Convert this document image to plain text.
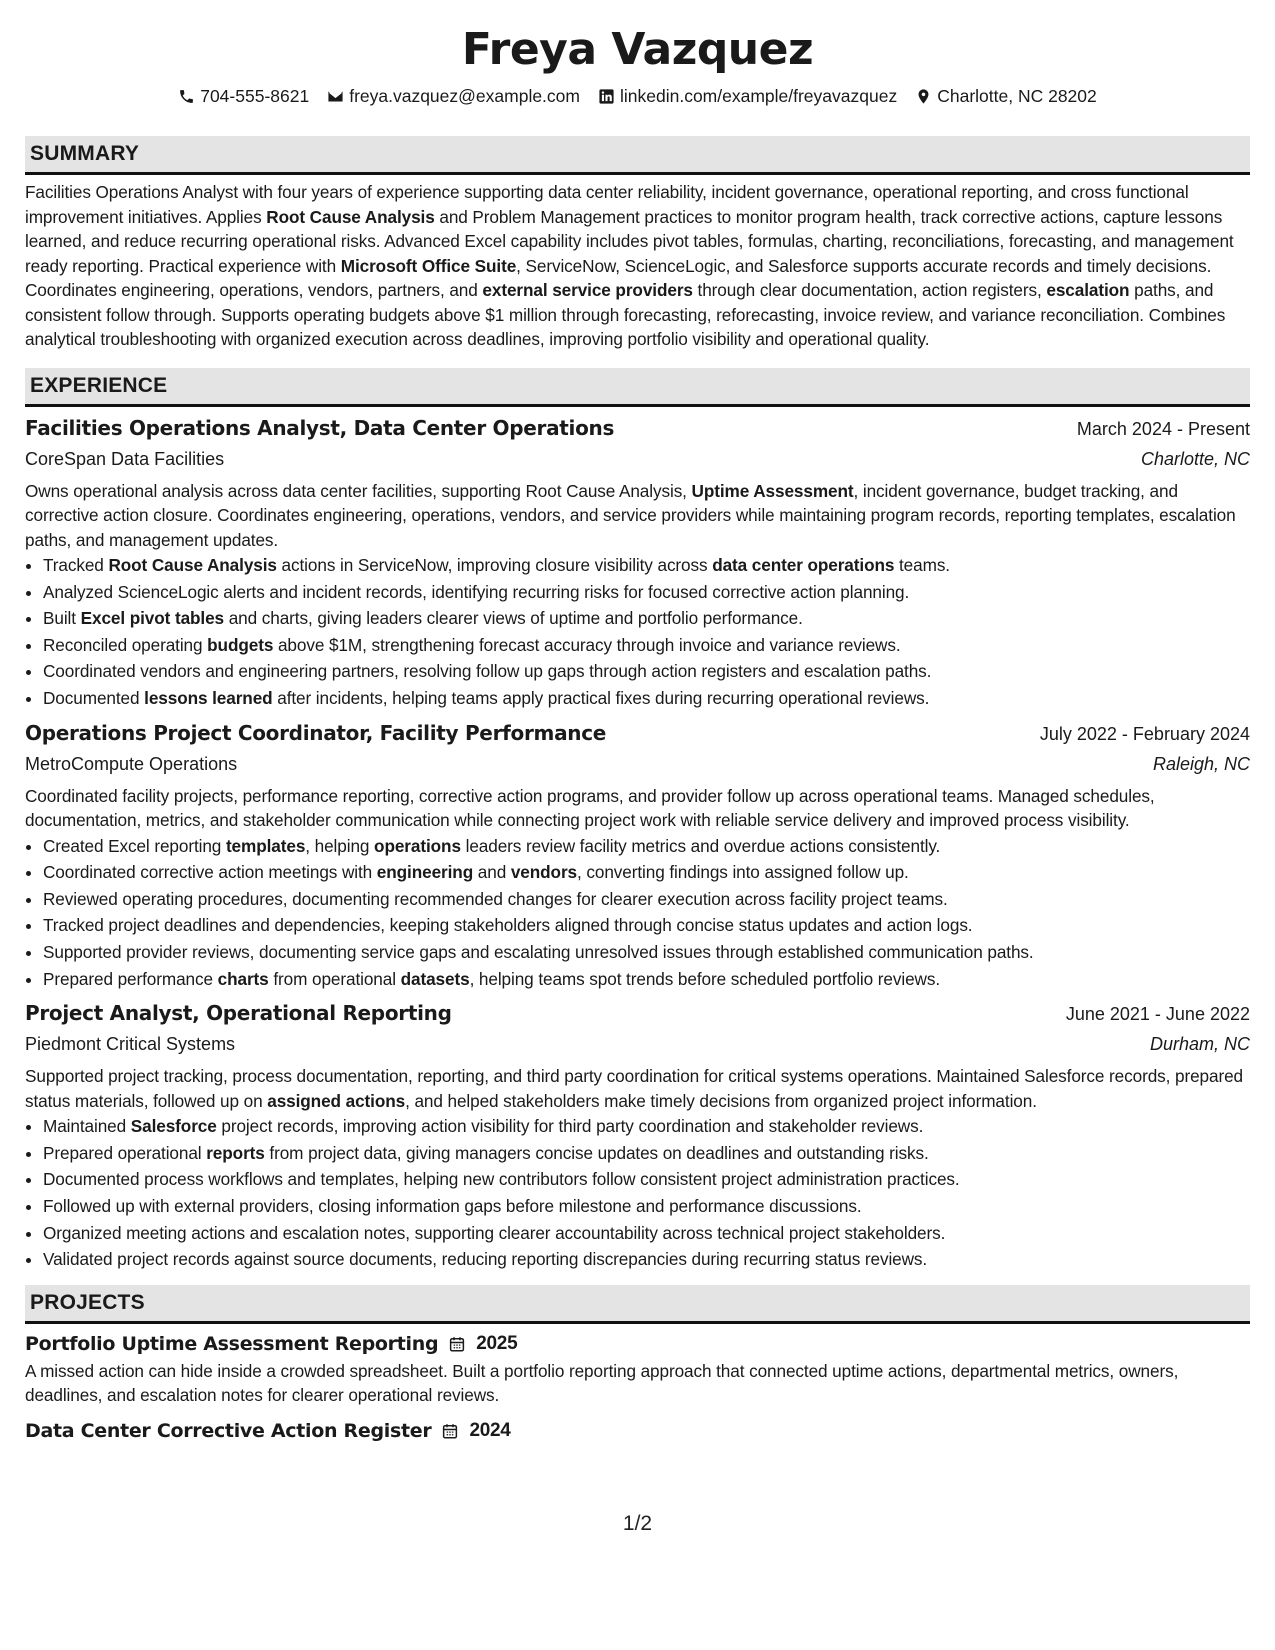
Freya Vazquez
704-555-8621 freya.vazquez@example.com linkedin.com/example/freyavazquez Charlotte, NC 28202
SUMMARY

Facilities Operations Analyst with four years of experience supporting data center reliability, incident governance, operational reporting, and cross functional improvement initiatives. Applies Root Cause Analysis and Problem Management practices to monitor program health, track corrective actions, capture lessons learned, and reduce recurring operational risks. Advanced Excel capability includes pivot tables, formulas, charting, reconciliations, forecasting, and management ready reporting. Practical experience with Microsoft Office Suite, ServiceNow, ScienceLogic, and Salesforce supports accurate records and timely decisions. Coordinates engineering, operations, vendors, partners, and external service providers through clear documentation, action registers, escalation paths, and consistent follow through. Supports operating budgets above $1 million through forecasting, reforecasting, invoice review, and variance reconciliation. Combines analytical troubleshooting with organized execution across deadlines, improving portfolio visibility and operational quality.

EXPERIENCE
Facilities Operations Analyst, Data Center Operations	March 2024 - Present
CoreSpan Data Facilities	Charlotte, NC

Owns operational analysis across data center facilities, supporting Root Cause Analysis, Uptime Assessment, incident governance, budget tracking, and corrective action closure. Coordinates engineering, operations, vendors, and service providers while maintaining program records, reporting templates, escalation paths, and management updates.

• Tracked Root Cause Analysis actions in ServiceNow, improving closure visibility across data center operations teams.
• Analyzed ScienceLogic alerts and incident records, identifying recurring risks for focused corrective action planning.
• Built Excel pivot tables and charts, giving leaders clearer views of uptime and portfolio performance.
• Reconciled operating budgets above $1M, strengthening forecast accuracy through invoice and variance reviews.
• Coordinated vendors and engineering partners, resolving follow up gaps through action registers and escalation paths.
• Documented lessons learned after incidents, helping teams apply practical fixes during recurring operational reviews.
Operations Project Coordinator, Facility Performance	July 2022 - February 2024
MetroCompute Operations	Raleigh, NC

Coordinated facility projects, performance reporting, corrective action programs, and provider follow up across operational teams. Managed schedules, documentation, metrics, and stakeholder communication while connecting project work with reliable service delivery and improved process visibility.

• Created Excel reporting templates, helping operations leaders review facility metrics and overdue actions consistently.
• Coordinated corrective action meetings with engineering and vendors, converting findings into assigned follow up.
• Reviewed operating procedures, documenting recommended changes for clearer execution across facility project teams.
• Tracked project deadlines and dependencies, keeping stakeholders aligned through concise status updates and action logs.
• Supported provider reviews, documenting service gaps and escalating unresolved issues through established communication paths.
• Prepared performance charts from operational datasets, helping teams spot trends before scheduled portfolio reviews.
Project Analyst, Operational Reporting	June 2021 - June 2022
Piedmont Critical Systems	Durham, NC

Supported project tracking, process documentation, reporting, and third party coordination for critical systems operations. Maintained Salesforce records, prepared status materials, followed up on assigned actions, and helped stakeholders make timely decisions from organized project information.

• Maintained Salesforce project records, improving action visibility for third party coordination and stakeholder reviews.
• Prepared operational reports from project data, giving managers concise updates on deadlines and outstanding risks.
• Documented process workflows and templates, helping new contributors follow consistent project administration practices.
• Followed up with external providers, closing information gaps before milestone and performance discussions.
• Organized meeting actions and escalation notes, supporting clearer accountability across technical project stakeholders.
• Validated project records against source documents, reducing reporting discrepancies during recurring status reviews.
PROJECTS
Portfolio Uptime Assessment Reporting 2025

A missed action can hide inside a crowded spreadsheet. Built a portfolio reporting approach that connected uptime actions, departmental metrics, owners, deadlines, and escalation notes for clearer operational reviews.

Data Center Corrective Action Register 2024
1/2
